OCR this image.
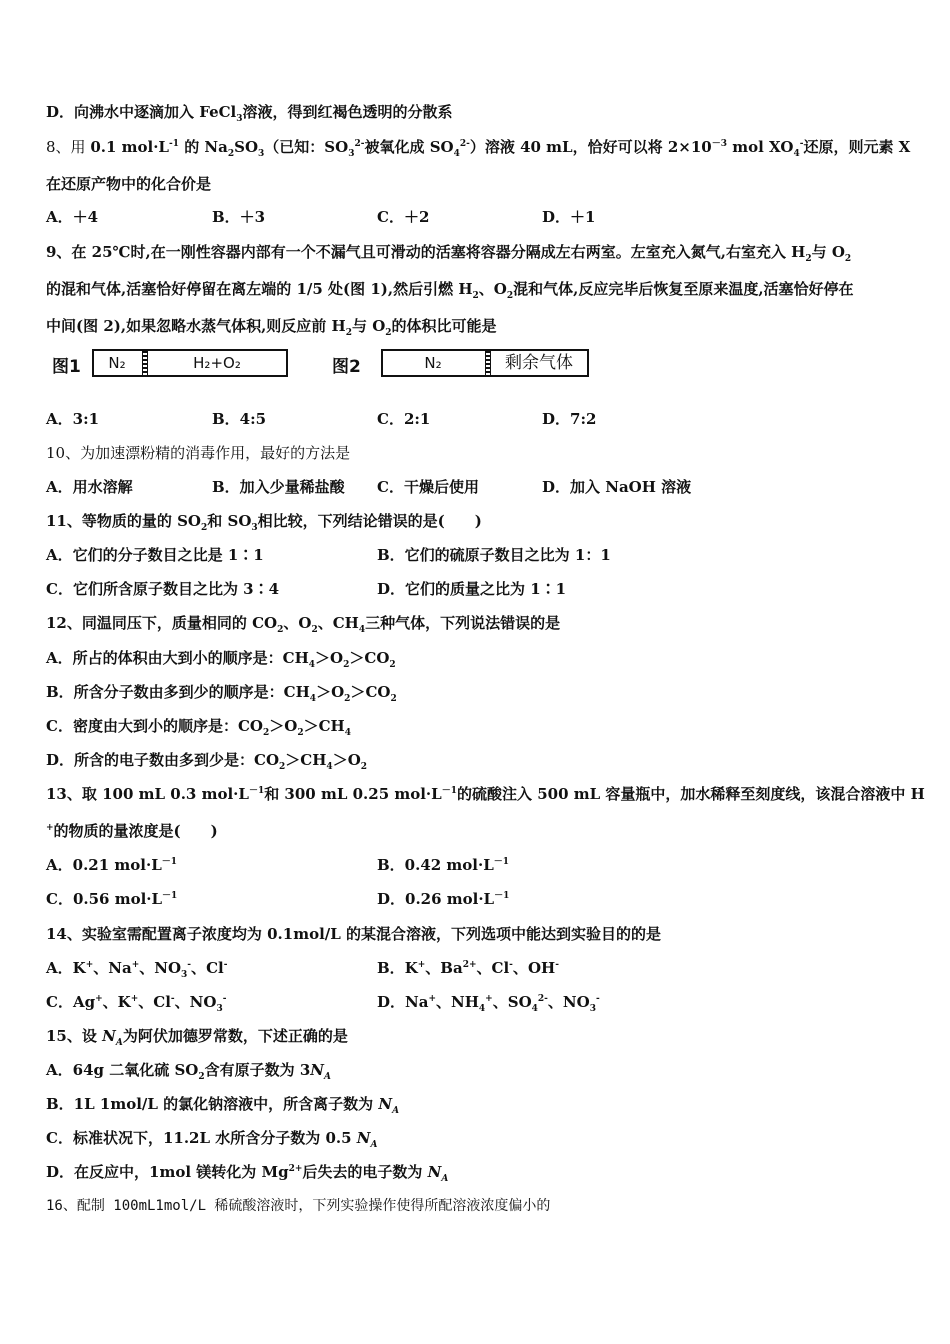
D．向沸水中逐滴加入 FeCl$_3$溶液，得到红褐色透明的分散系
8、用 0.1 $mol\cdot L^{-1}$ 的 $Na_2SO_3$（已知：$SO_3^{2-}$被氧化成 $SO_4^{2-}$）溶液 40 mL，恰好可以将 $2\times 10^{-3}$ mol $XO_4^-$还原，则元素 X
在还原产物中的化合价是
A．＋4	B．＋3	C．＋2	D．＋1
9、在 25℃时,在一刚性容器内部有一个不漏气且可滑动的活塞将容器分隔成左右两室。左室充入氮气,右室充入 $H_2$与 $O_2$
的混和气体,活塞恰好停留在离左端的 1/5 处(图 1),然后引燃 $H_2$、$O_2$混和气体,反应完毕后恢复至原来温度,活塞恰好停在
中间(图 2),如果忽略水蒸气体积,则反应前 $H_2$与 $O_2$的体积比可能是
图1	N₂	H₂+O₂	图2	N₂	剩余气体
A．3:1	B．4:5	C．2:1	D．7:2
10、为加速漂粉精的消毒作用，最好的方法是
A．用水溶解	B．加入少量稀盐酸 C．干燥后使用	D．加入 NaOH 溶液
11、等物质的量的 $SO_2$和 $SO_3$相比较，下列结论错误的是(　　)
A．它们的分子数目之比是 1∶1	B．它们的硫原子数目之比为 1：1
C．它们所含原子数目之比为 3∶4	D．它们的质量之比为 1∶1
12、同温同压下，质量相同的 $CO_2$、$O_2$、$CH_4$三种气体，下列说法错误的是
A．所占的体积由大到小的顺序是：$CH_4>O_2>CO_2$
B．所含分子数由多到少的顺序是：$CH_4>O_2>CO_2$
C．密度由大到小的顺序是：$CO_2>O_2>CH_4$
D．所含的电子数由多到少是：$CO_2>CH_4>O_2$
13、取 100 mL 0.3 $mol\cdot L^{-1}$和 300 mL 0.25 $mol\cdot L^{-1}$的硫酸注入 500 mL 容量瓶中，加水稀释至刻度线，该混合溶液中 H
+的物质的量浓度是(　　)
A．0.21 $mol\cdot L^{-1}$	B．0.42 $mol\cdot L^{-1}$
C．0.56 $mol\cdot L^{-1}$	D．0.26 $mol\cdot L^{-1}$
14、实验室需配置离子浓度均为 0.1mol/L 的某混合溶液，下列选项中能达到实验目的的是
A．K+、Na+、$NO_3^-$、Cl-	B．K+、$Ba^{2+}$、Cl-、OH-
C．Ag+、K+、Cl-、$NO_3^-$	D．Na+、$NH_4^+$、$SO_4^{2-}$、$NO_3^-$
15、设 $N_A$为阿伏加德罗常数，下述正确的是
A．64g 二氧化硫 $SO_2$含有原子数为 $3N_A$
B．1L 1mol/L 的氯化钠溶液中，所含离子数为 $N_A$
C．标准状况下，11.2L 水所含分子数为 0.5 $N_A$
D．在反应中，1mol 镁转化为 $Mg^{2+}$后失去的电子数为 $N_A$
16、配制 100mL1mol/L 稀硫酸溶液时，下列实验操作使得所配溶液浓度偏小的
